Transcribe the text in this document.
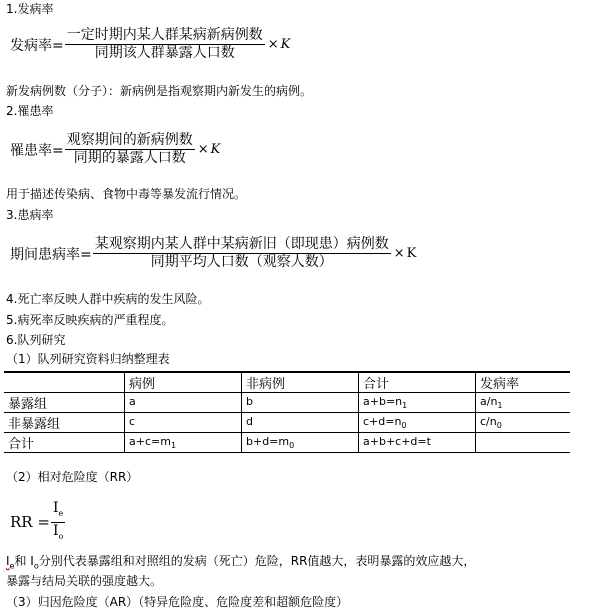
1.发病率
发病率= $\frac{\text{一定时期内某人群某病新病例数}}{\text{同期该人群暴露人口数}} \times K$
新发病例数（分子）：新病例是指观察期内新发生的病例。
2.罹患率
罹患率= $\frac{\text{观察期间的新病例数}}{\text{同期的暴露人口数}} \times K$
用于描述传染病、食物中毒等暴发流行情况。
3.患病率
期间患病率= $\frac{\text{某观察期内某人群中某病新旧（即现患）病例数}}{\text{同期平均人口数（观察人数）}} \times K$
4.死亡率反映人群中疾病的发生风险。
5.病死率反映疾病的严重程度。
6.队列研究
（1）队列研究资料归纳整理表
	病例	非病例	合计	发病率
暴露组	a	b	$a+b=n_1$	$a/n_1$
非暴露组	c	d	$c+d=n_0$	$c/n_0$
合计	$a+c=m_1$	$b+d=m_0$	a+b+c+d=t	
（2）相对危险度（RR）
RR = $\frac{I_e}{I_o}$
$I_e$和 $I_o$分别代表暴露组和对照组的发病（死亡）危险，RR值越大，表明暴露的效应越大，
暴露与结局关联的强度越大。
（3）归因危险度（AR）（特异危险度、危险度差和超额危险度）
